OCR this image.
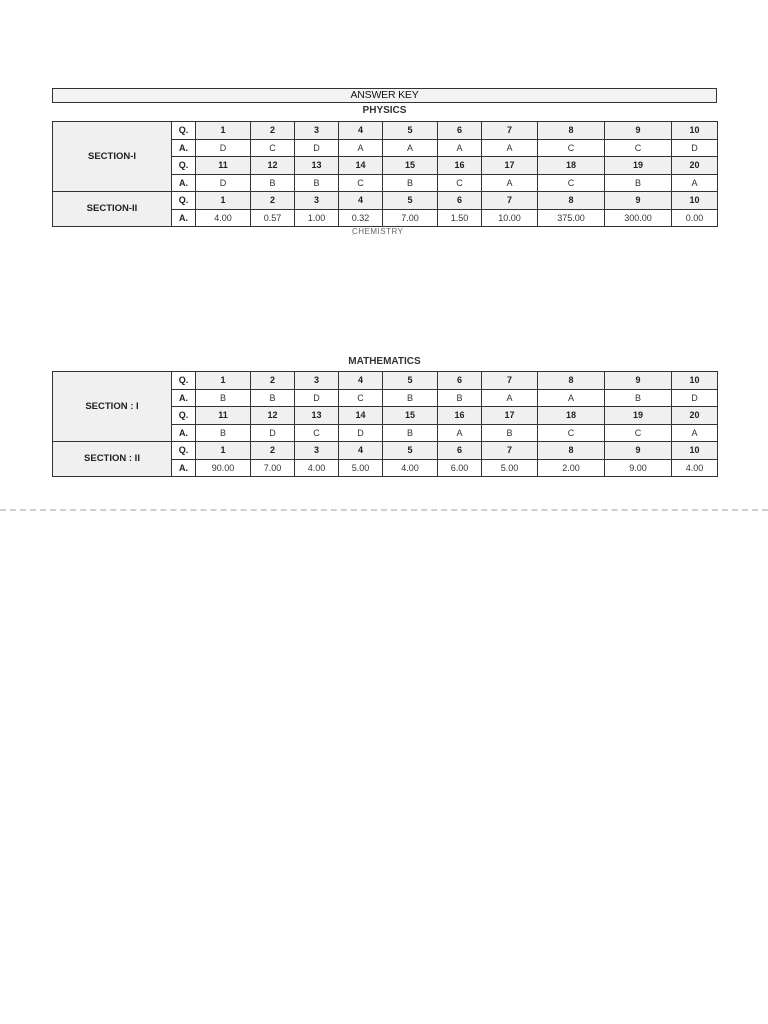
ANSWER KEY
PHYSICS
SECTION-I	Q.	1	2	3	4	5	6	7	8	9	10
	A.	D	C	D	A	A	A	A	C	C	D
	Q.	11	12	13	14	15	16	17	18	19	20
	A.	D	B	B	C	B	C	A	C	B	A
SECTION-II	Q.	1	2	3	4	5	6	7	8	9	10
	A.	4.00	0.57	1.00	0.32	7.00	1.50	10.00	375.00	300.00	0.00
CHEMISTRY
`
MATHEMATICS
SECTION : I	Q.	1	2	3	4	5	6	7	8	9	10
	A.	B	B	D	C	B	B	A	A	B	D
	Q.	11	12	13	14	15	16	17	18	19	20
	A.	B	D	C	D	B	A	B	C	C	A
SECTION : II	Q.	1	2	3	4	5	6	7	8	9	10
	A.	90.00	7.00	4.00	5.00	4.00	6.00	5.00	2.00	9.00	4.00
